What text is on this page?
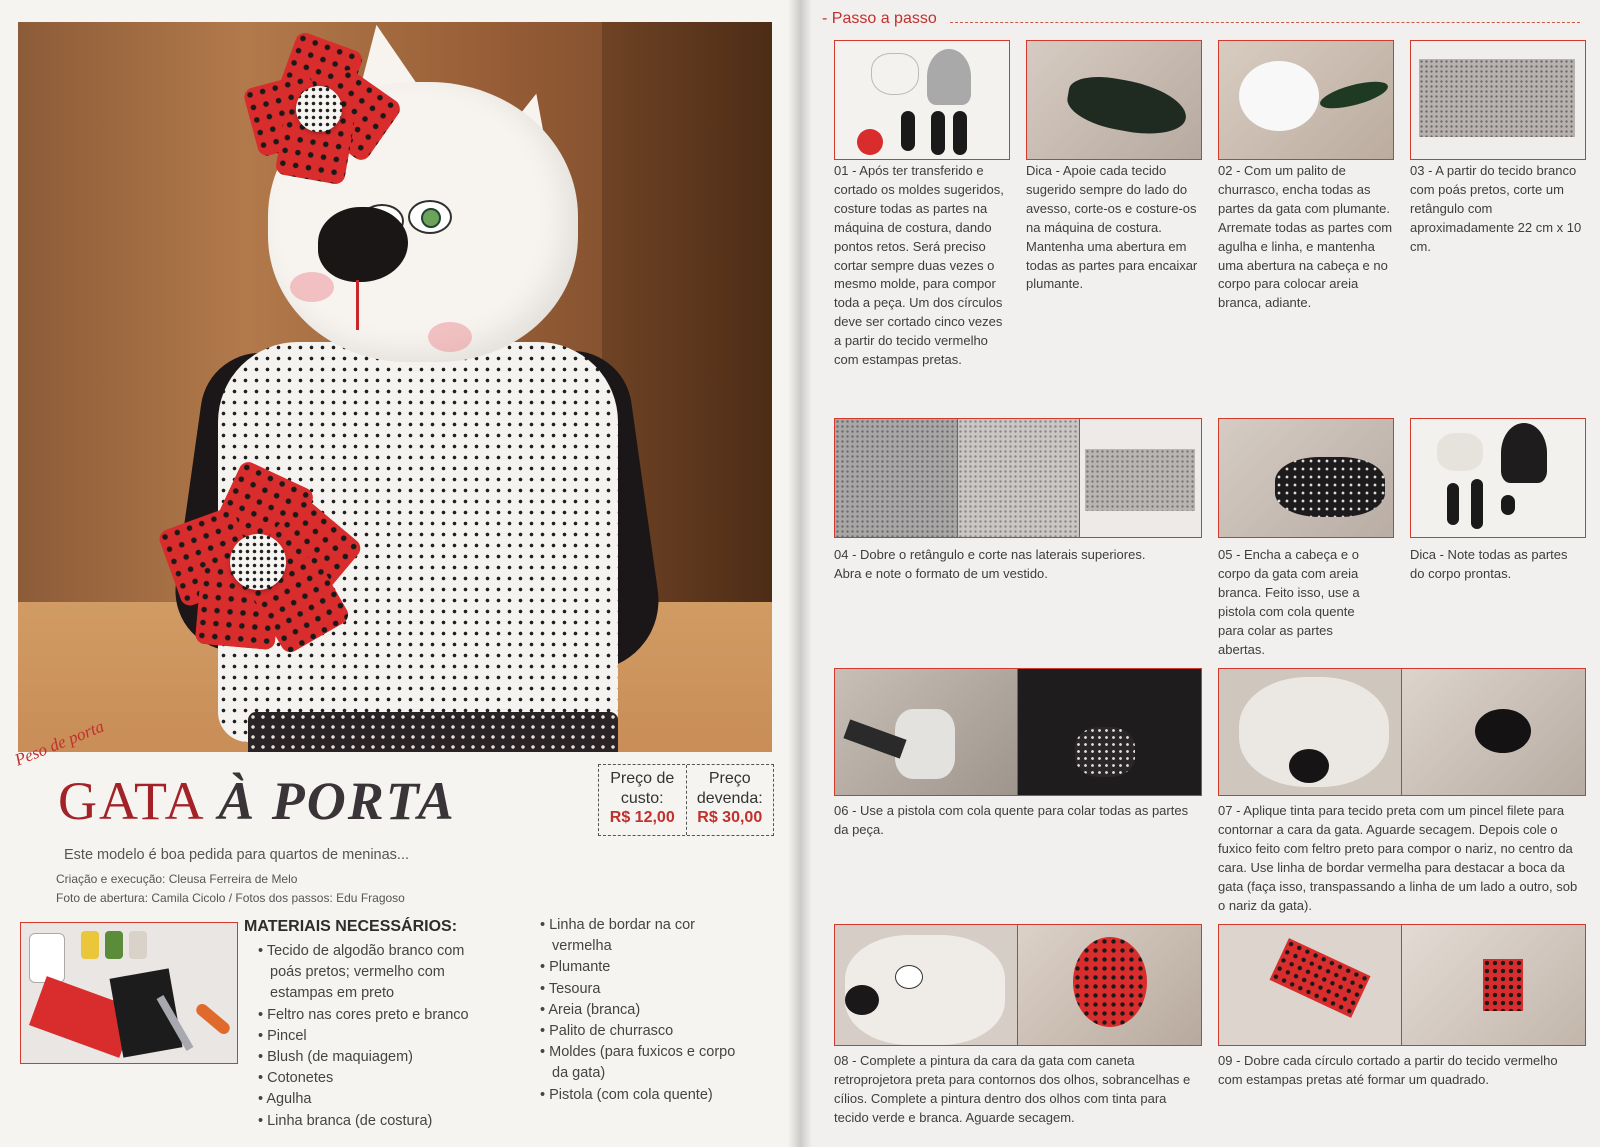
Peso de porta
GATA À PORTA	Preço de custo:
R$ 12,00
Preço devenda:
R$ 30,00

Este modelo é boa pedida para quartos de meninas...

Criação e execução: Cleusa Ferreira de Melo
Foto de abertura: Camila Cicolo / Fotos dos passos: Edu Fragoso
MATERIAIS NECESSÁRIOS:
• Tecido de algodão branco com poás pretos; vermelho com estampas em preto
• Feltro nas cores preto e branco
• Pincel
• Blush (de maquiagem)
• Cotonetes
• Agulha
• Linha branca (de costura)
• Linha de bordar na cor vermelha
• Plumante
• Tesoura
• Areia (branca)
• Palito de churrasco
• Moldes (para fuxicos e corpo da gata)
• Pistola (com cola quente)
- Passo a passo

01 - Após ter transferido e cortado os moldes sugeridos, costure todas as partes na máquina de costura, dando pontos retos. Será preciso cortar sempre duas vezes o mesmo molde, para compor toda a peça. Um dos círculos deve ser cortado cinco vezes a partir do tecido vermelho com estampas pretas.

Dica - Apoie cada tecido sugerido sempre do lado do avesso, corte-os e costure-os na máquina de costura. Mantenha uma abertura em todas as partes para encaixar plumante.

02 - Com um palito de churrasco, encha todas as partes da gata com plumante. Arremate todas as partes com agulha e linha, e mantenha uma abertura na cabeça e no corpo para colocar areia branca, adiante.

03 - A partir do tecido branco com poás pretos, corte um retângulo com aproximadamente 22 cm x 10 cm.

04 - Dobre o retângulo e corte nas laterais superiores. Abra e note o formato de um vestido.

05 - Encha a cabeça e o corpo da gata com areia branca. Feito isso, use a pistola com cola quente para colar as partes abertas.

Dica - Note todas as partes do corpo prontas.

06 - Use a pistola com cola quente para colar todas as partes da peça.

07 - Aplique tinta para tecido preta com um pincel filete para contornar a cara da gata. Aguarde secagem. Depois cole o fuxico feito com feltro preto para compor o nariz, no centro da cara. Use linha de bordar vermelha para destacar a boca da gata (faça isso, transpassando a linha de um lado a outro, sob o nariz da gata).

08 - Complete a pintura da cara da gata com caneta retroprojetora preta para contornos dos olhos, sobrancelhas e cílios. Complete a pintura dentro dos olhos com tinta para tecido verde e branca. Aguarde secagem.

09 - Dobre cada círculo cortado a partir do tecido vermelho com estampas pretas até formar um quadrado.
